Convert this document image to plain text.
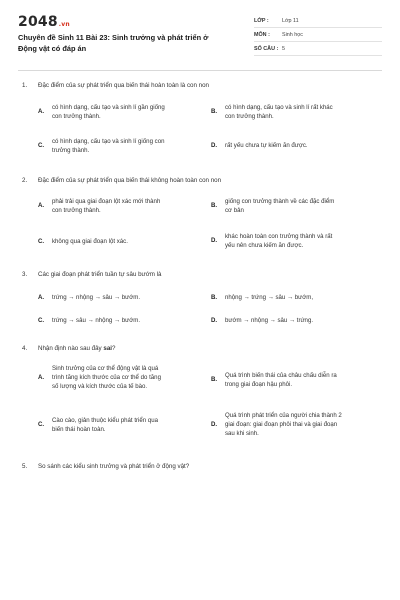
2048.vn
Chuyên đề Sinh 11 Bài 23: Sinh trưởng và phát triển ở Động vật có đáp án
LỚP : Lớp 11
MÔN : Sinh học
SỐ CÂU : 5
1. Đặc điểm của sự phát triển qua biến thái hoàn toàn là con non
A.
có hình dạng, cấu tạo và sinh lí gần giống
con trưởng thành.
B.
có hình dạng, cấu tạo và sinh lí rất khác
con trưởng thành.
C.
có hình dạng, cấu tạo và sinh lí giống con
trưởng thành.
D. rất yếu chưa tự kiếm ăn được.
2. Đặc điểm của sự phát triển qua biến thái không hoàn toàn con non
A.
phải trải qua giai đoạn lột xác mới thành
con trưởng thành.
B.
giống con trưởng thành về các đặc điểm
cơ bản
C. không qua giai đoạn lột xác.	D.
khác hoàn toàn con trưởng thành và rất
yếu nên chưa kiếm ăn được.
3. Các giai đoạn phát triển tuần tự sâu bướm là
A. trứng → nhộng → sâu → bướm.	B. nhộng → trứng → sâu → bướm,
C. trứng → sâu → nhộng → bướm.	D. bướm → nhộng → sâu → trứng.
4. Nhận định nào sau đây sai?
A.
Sinh trưởng của cơ thể động vật là quá
trình tăng kích thước của cơ thể do tăng
số lượng và kích thước của tế bào.
B.
Quá trình biến thái của châu chấu diễn ra
trong giai đoạn hậu phôi.
C.
Cào cào, giản thuộc kiểu phát triển qua
biến thái hoàn toàn.
D.
Quá trình phát triển của người chia thành 2
giai đoạn: giai đoạn phôi thai và giai đoạn
sau khi sinh.
5. So sánh các kiểu sinh trưởng và phát triển ở động vật?
